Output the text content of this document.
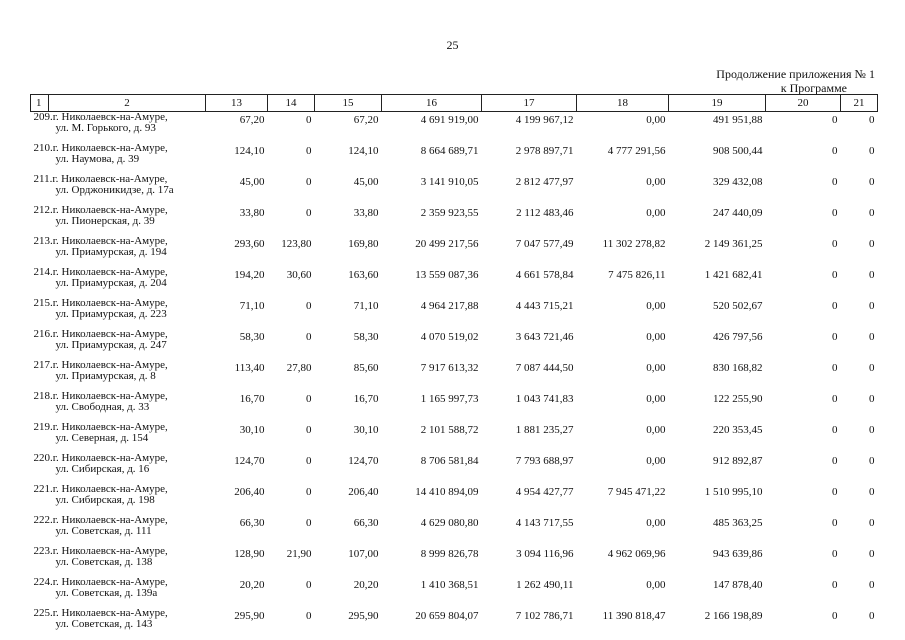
25
Продолжение приложения № 1
к Программе
1	2	13	14	15	16	17	18	19	20	21

209.г. Николаевск-на-Амуре,
ул. М. Горького, д. 93		67,20	0	67,20	4 691 919,00	4 199 967,12	0,00	491 951,88	0	0

210.г. Николаевск-на-Амуре,
ул. Наумова, д. 39		124,10	0	124,10	8 664 689,71	2 978 897,71	4 777 291,56	908 500,44	0	0

211.г. Николаевск-на-Амуре,
ул. Орджоникидзе, д. 17а		45,00	0	45,00	3 141 910,05	2 812 477,97	0,00	329 432,08	0	0

212.г. Николаевск-на-Амуре,
ул. Пионерская, д. 39		33,80	0	33,80	2 359 923,55	2 112 483,46	0,00	247 440,09	0	0

213.г. Николаевск-на-Амуре,
ул. Приамурская, д. 194		293,60	123,80	169,80	20 499 217,56	7 047 577,49	11 302 278,82	2 149 361,25	0	0

214.г. Николаевск-на-Амуре,
ул. Приамурская, д. 204		194,20	30,60	163,60	13 559 087,36	4 661 578,84	7 475 826,11	1 421 682,41	0	0

215.г. Николаевск-на-Амуре,
ул. Приамурская, д. 223		71,10	0	71,10	4 964 217,88	4 443 715,21	0,00	520 502,67	0	0

216.г. Николаевск-на-Амуре,
ул. Приамурская, д. 247		58,30	0	58,30	4 070 519,02	3 643 721,46	0,00	426 797,56	0	0

217.г. Николаевск-на-Амуре,
ул. Приамурская, д. 8		113,40	27,80	85,60	7 917 613,32	7 087 444,50	0,00	830 168,82	0	0

218.г. Николаевск-на-Амуре,
ул. Свободная, д. 33		16,70	0	16,70	1 165 997,73	1 043 741,83	0,00	122 255,90	0	0

219.г. Николаевск-на-Амуре,
ул. Северная, д. 154		30,10	0	30,10	2 101 588,72	1 881 235,27	0,00	220 353,45	0	0

220.г. Николаевск-на-Амуре,
ул. Сибирская, д. 16		124,70	0	124,70	8 706 581,84	7 793 688,97	0,00	912 892,87	0	0

221.г. Николаевск-на-Амуре,
ул. Сибирская, д. 198		206,40	0	206,40	14 410 894,09	4 954 427,77	7 945 471,22	1 510 995,10	0	0

222.г. Николаевск-на-Амуре,
ул. Советская, д. 111		66,30	0	66,30	4 629 080,80	4 143 717,55	0,00	485 363,25	0	0

223.г. Николаевск-на-Амуре,
ул. Советская, д. 138		128,90	21,90	107,00	8 999 826,78	3 094 116,96	4 962 069,96	943 639,86	0	0

224.г. Николаевск-на-Амуре,
ул. Советская, д. 139а		20,20	0	20,20	1 410 368,51	1 262 490,11	0,00	147 878,40	0	0

225.г. Николаевск-на-Амуре,
ул. Советская, д. 143		295,90	0	295,90	20 659 804,07	7 102 786,71	11 390 818,47	2 166 198,89	0	0
